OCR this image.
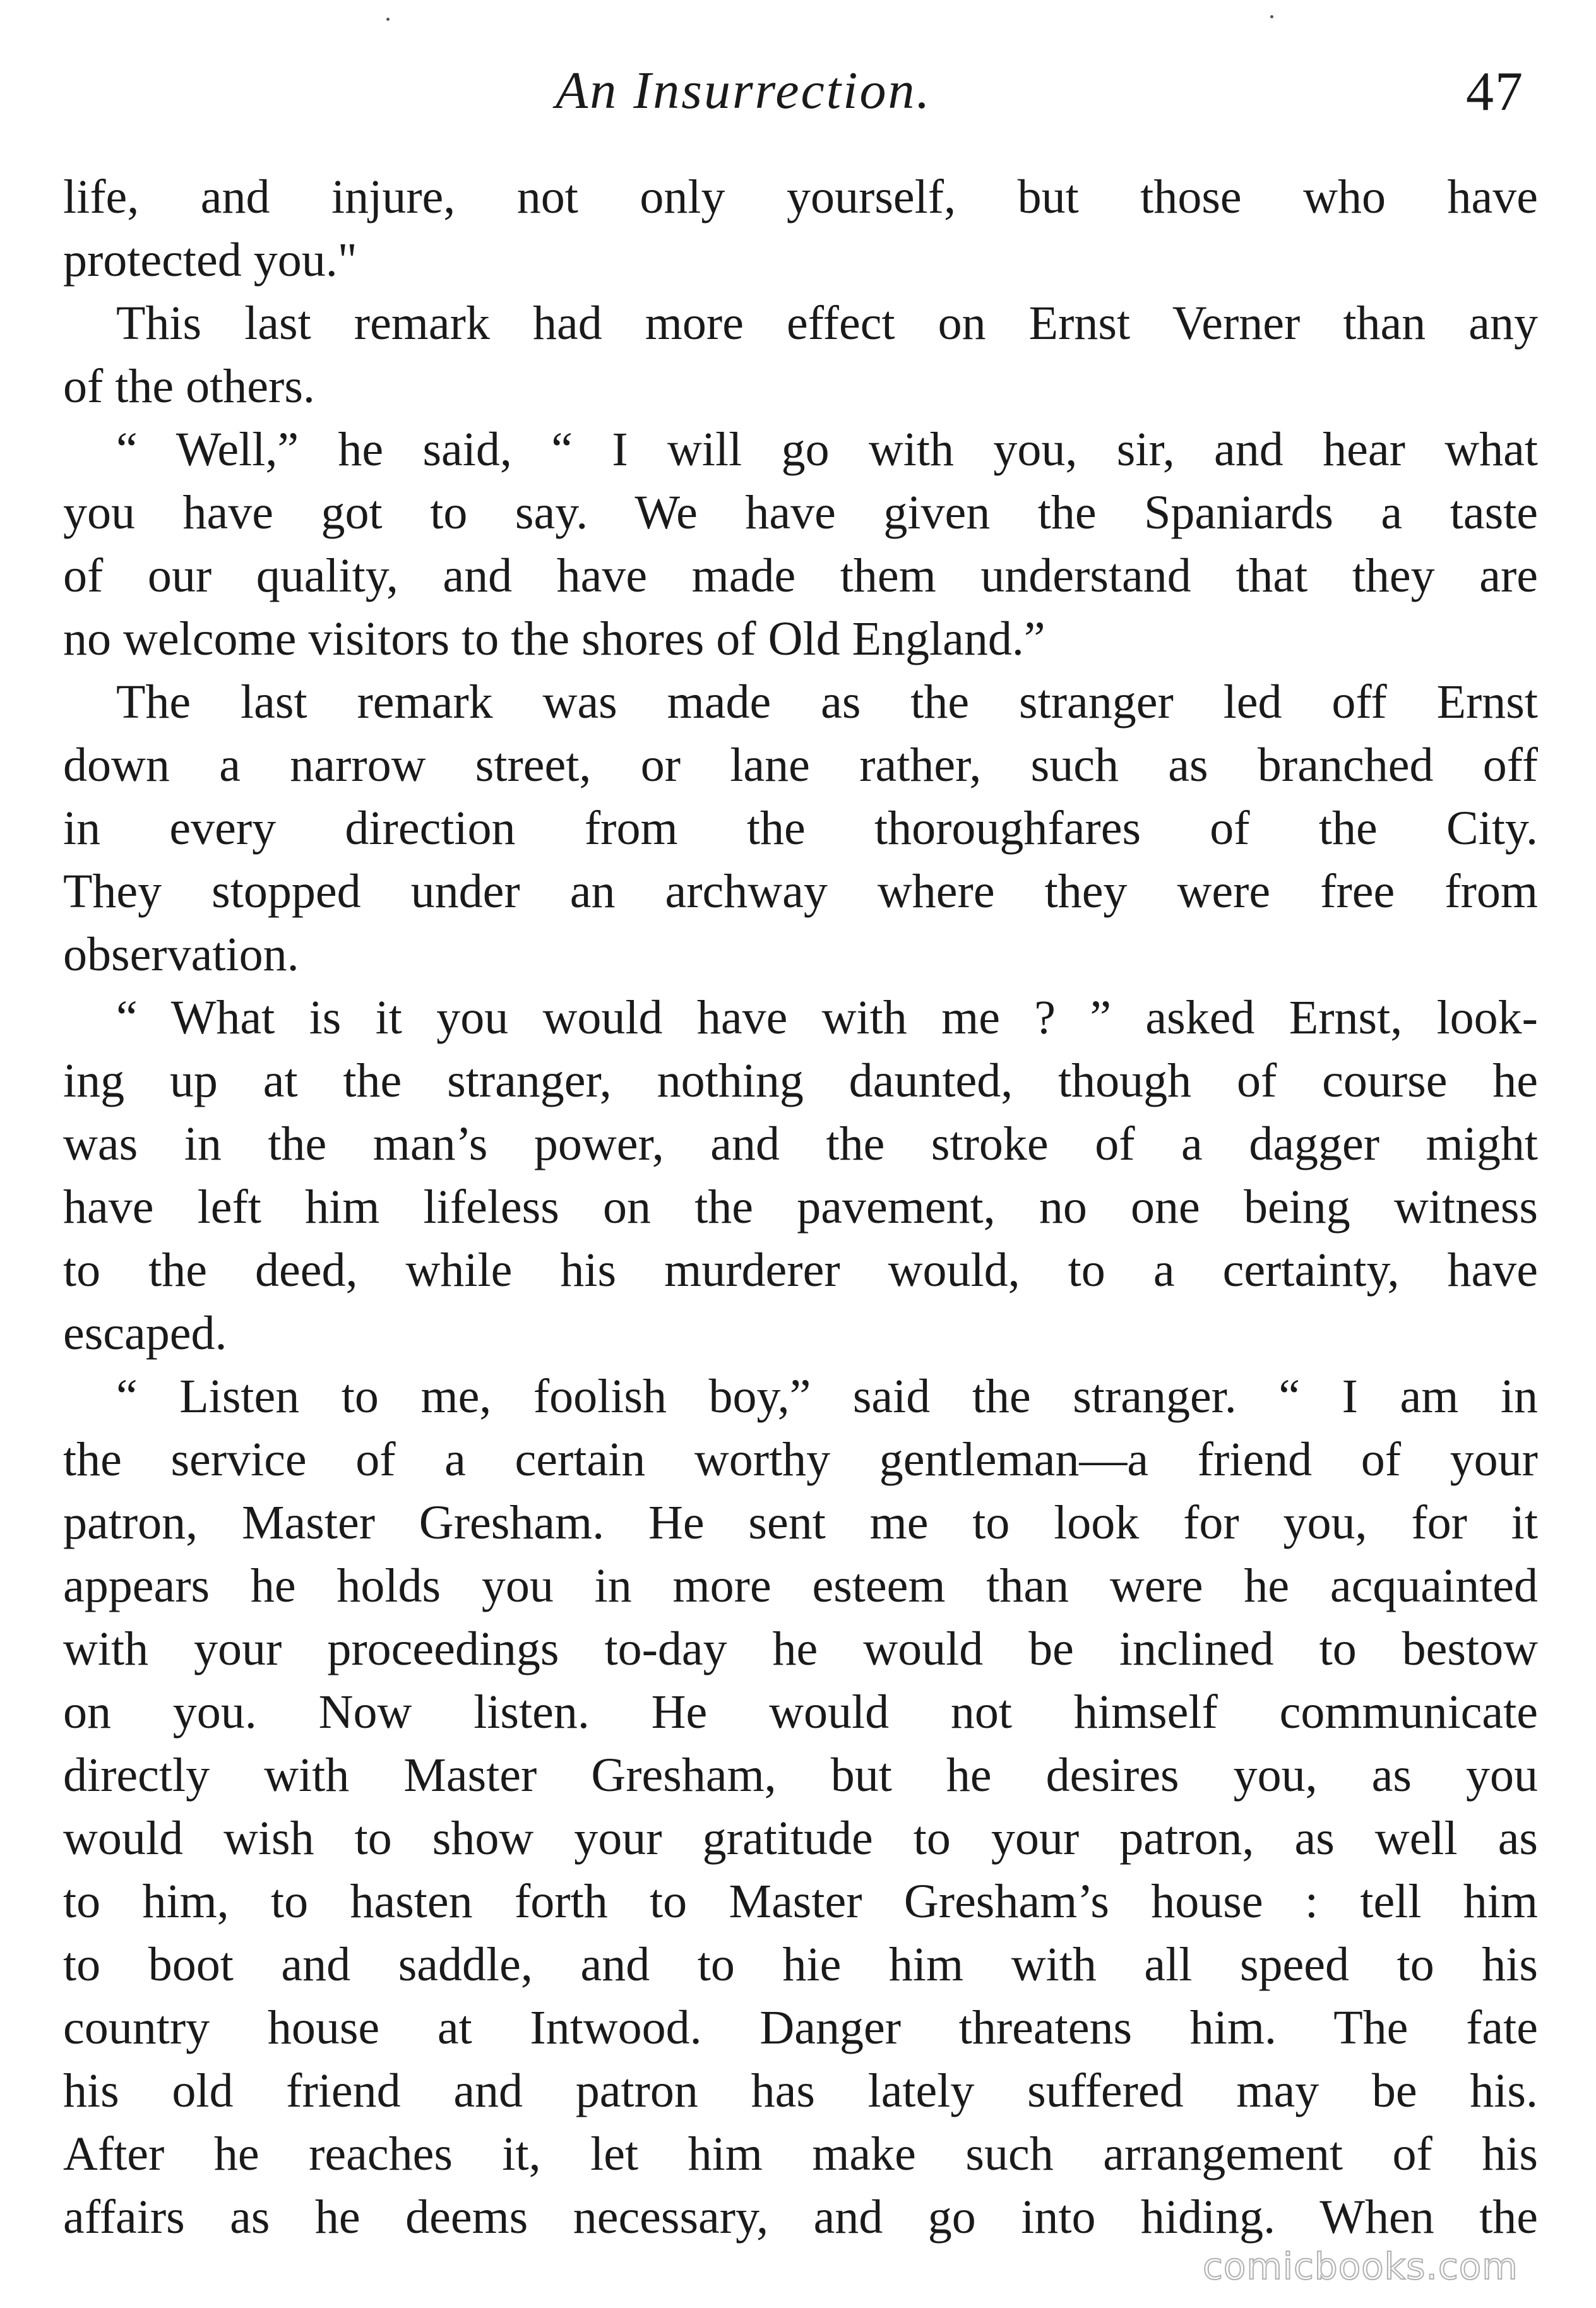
An Insurrection.	47
life, and injure, not only yourself, but those who have
protected you."
This last remark had more effect on Ernst Verner than any
of the others.
“ Well,” he said, “ I will go with you, sir, and hear what
you have got to say. We have given the Spaniards a taste
of our quality, and have made them understand that they are
no welcome visitors to the shores of Old England.”
The last remark was made as the stranger led off Ernst
down a narrow street, or lane rather, such as branched off
in every direction from the thoroughfares of the City.
They stopped under an archway where they were free from
observation.
“ What is it you would have with me ? ” asked Ernst, look-
ing up at the stranger, nothing daunted, though of course he
was in the man’s power, and the stroke of a dagger might
have left him lifeless on the pavement, no one being witness
to the deed, while his murderer would, to a certainty, have
escaped.
“ Listen to me, foolish boy,” said the stranger. “ I am in
the service of a certain worthy gentleman—a friend of your
patron, Master Gresham. He sent me to look for you, for it
appears he holds you in more esteem than were he acquainted
with your proceedings to-day he would be inclined to bestow
on you. Now listen. He would not himself communicate
directly with Master Gresham, but he desires you, as you
would wish to show your gratitude to your patron, as well as
to him, to hasten forth to Master Gresham’s house : tell him
to boot and saddle, and to hie him with all speed to his
country house at Intwood. Danger threatens him. The fate
his old friend and patron has lately suffered may be his.
After he reaches it, let him make such arrangement of his
affairs as he deems necessary, and go into hiding. When the
comicbooks.com
